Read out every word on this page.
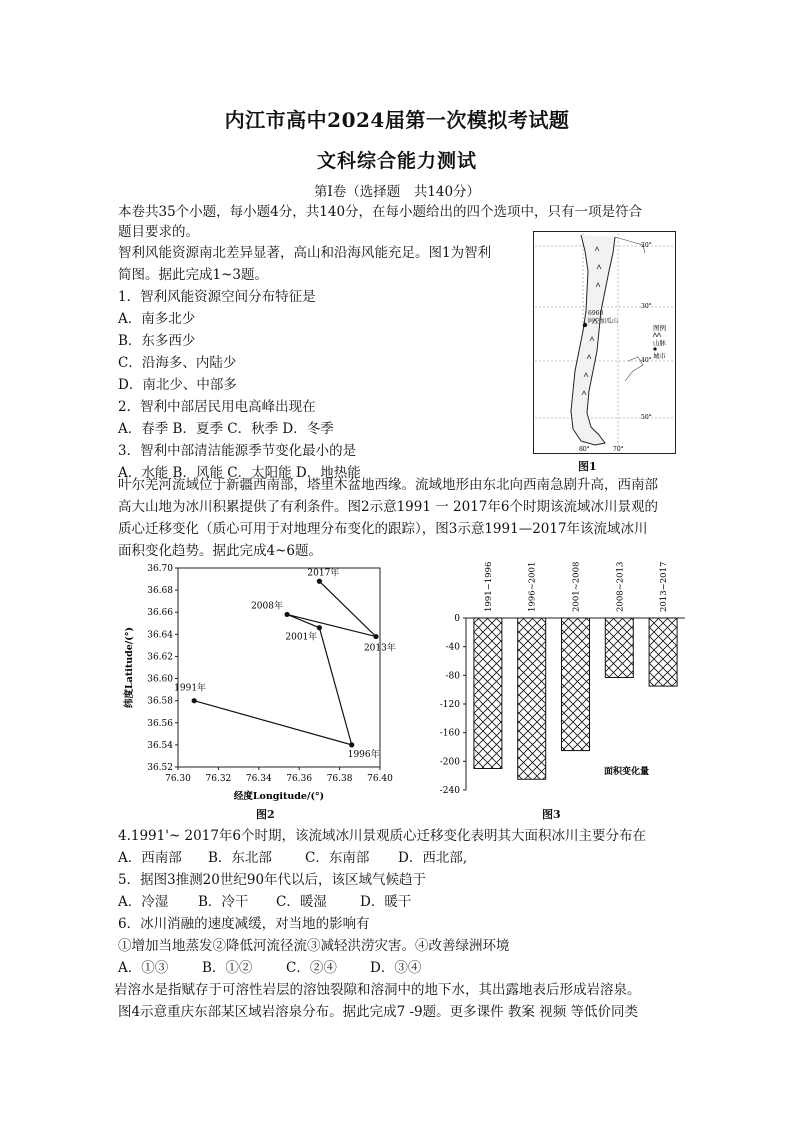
内江市高中2024届第一次模拟考试题
文科综合能力测试
第I卷（选择题　共140分）
本卷共35个小题，每小题4分，共140分，在每小题给出的四个选项中，只有一项是符合
题目要求的。
智利风能资源南北差异显著，高山和沿海风能充足。图1为智利
简图。据此完成1~3题。
1．智利风能资源空间分布特征是
A．南多北少
B．东多西少
C．沿海多、内陆少
D．南北少、中部多
2．智利中部居民用电高峰出现在
A．春季 B．夏季 C．秋季 D．冬季
3．智利中部清洁能源季节变化最小的是
A．水能 B．风能 C．太阳能 D．地热能
6960
阿空加瓜山
20°
30°
40°
50°
80°	70°
图例
山脉
城市
图1
叶尔羌河流域位于新疆西南部，塔里木盆地西缘。流域地形由东北向西南急剧升高，西南部
高大山地为冰川积累提供了有利条件。图2示意1991 一 2017年6个时期该流域冰川景观的
质心迁移变化（质心可用于对地理分布变化的跟踪），图3示意1991—2017年该流域冰川
面积变化趋势。据此完成4~6题。
36.52
36.54
36.56
36.58
36.60
36.62
36.64
36.66
36.68
36.70
76.30 76.32 76.34 76.36 76.38 76.40
经度Longitude/(°)
纬度Latitude/(°)	1991年
1996年
2001年
2008年
2013年
2017年
图2
0
-40
-80
-120
-160
-200
-240
1991~1996	1996~2001	2001~2008	2008~2013	2013~2017
面积变化量
图3
4.1991'~ 2017年6个时期，该流域冰川景观质心迁移变化表明其大面积冰川主要分布在
A．西南部 B．东北部 C．东南部 D．西北部,
5．据图3推测20世纪90年代以后，该区域气候趋于
A．冷湿 B．冷干 C．暖湿 D．暖干
6．冰川消融的速度减缓，对当地的影响有
①增加当地蒸发②降低河流径流③减轻洪涝灾害。④改善绿洲环境
A．①③	B．①② C．②④ D．③④
岩溶水是指赋存于可溶性岩层的溶蚀裂隙和溶洞中的地下水，其出露地表后形成岩溶泉。
图4示意重庆东部某区域岩溶泉分布。据此完成7 -9题。更多课件 教案 视频 等低价同类
